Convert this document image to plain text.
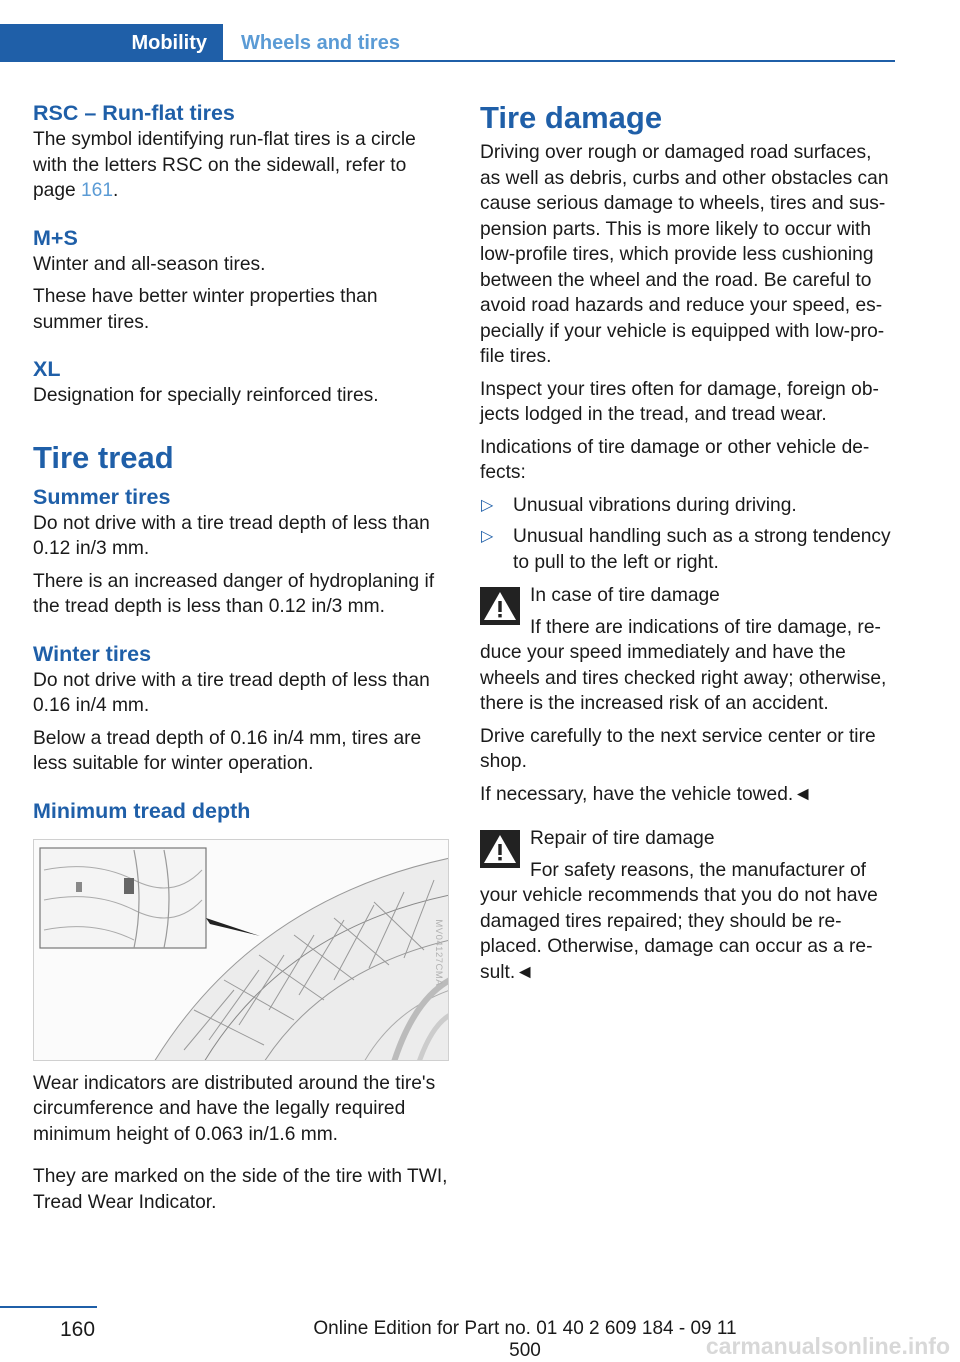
Mobility	Wheels and tires
RSC – Run-flat tires

The symbol identifying run-flat tires is a circle with the letters RSC on the sidewall, refer to page 161.

M+S

Winter and all-season tires.

These have better winter properties than summer tires.

XL

Designation for specially reinforced tires.

Tire tread
Summer tires

Do not drive with a tire tread depth of less than 0.12 in/3 mm.

There is an increased danger of hydroplaning if the tread depth is less than 0.12 in/3 mm.

Winter tires

Do not drive with a tire tread depth of less than 0.16 in/4 mm.

Below a tread depth of 0.16 in/4 mm, tires are less suitable for winter operation.

Minimum tread depth
MV04127CMA

Wear indicators are distributed around the tire's circumference and have the legally required minimum height of 0.063 in/1.6 mm.

They are marked on the side of the tire with TWI, Tread Wear Indicator.

Tire damage

Driving over rough or damaged road surfaces, as well as debris, curbs and other obstacles can cause serious damage to wheels, tires and sus-pension parts. This is more likely to occur with low-profile tires, which provide less cushioning between the wheel and the road. Be careful to avoid road hazards and reduce your speed, es-pecially if your vehicle is equipped with low-pro-file tires.

Inspect your tires often for damage, foreign ob-jects lodged in the tread, and tread wear.

Indications of tire damage or other vehicle de-fects:

▷ Unusual vibrations during driving.
▷ Unusual handling such as a strong tendency to pull to the left or right.

In case of tire damage

If there are indications of tire damage, re-duce your speed immediately and have the wheels and tires checked right away; otherwise, there is the increased risk of an accident.

Drive carefully to the next service center or tire shop.

If necessary, have the vehicle towed.◄

Repair of tire damage

For safety reasons, the manufacturer of your vehicle recommends that you do not have damaged tires repaired; they should be re-placed. Otherwise, damage can occur as a re-sult.◄

160	Online Edition for Part no. 01 40 2 609 184 - 09 11 500	carmanualsonline.info
